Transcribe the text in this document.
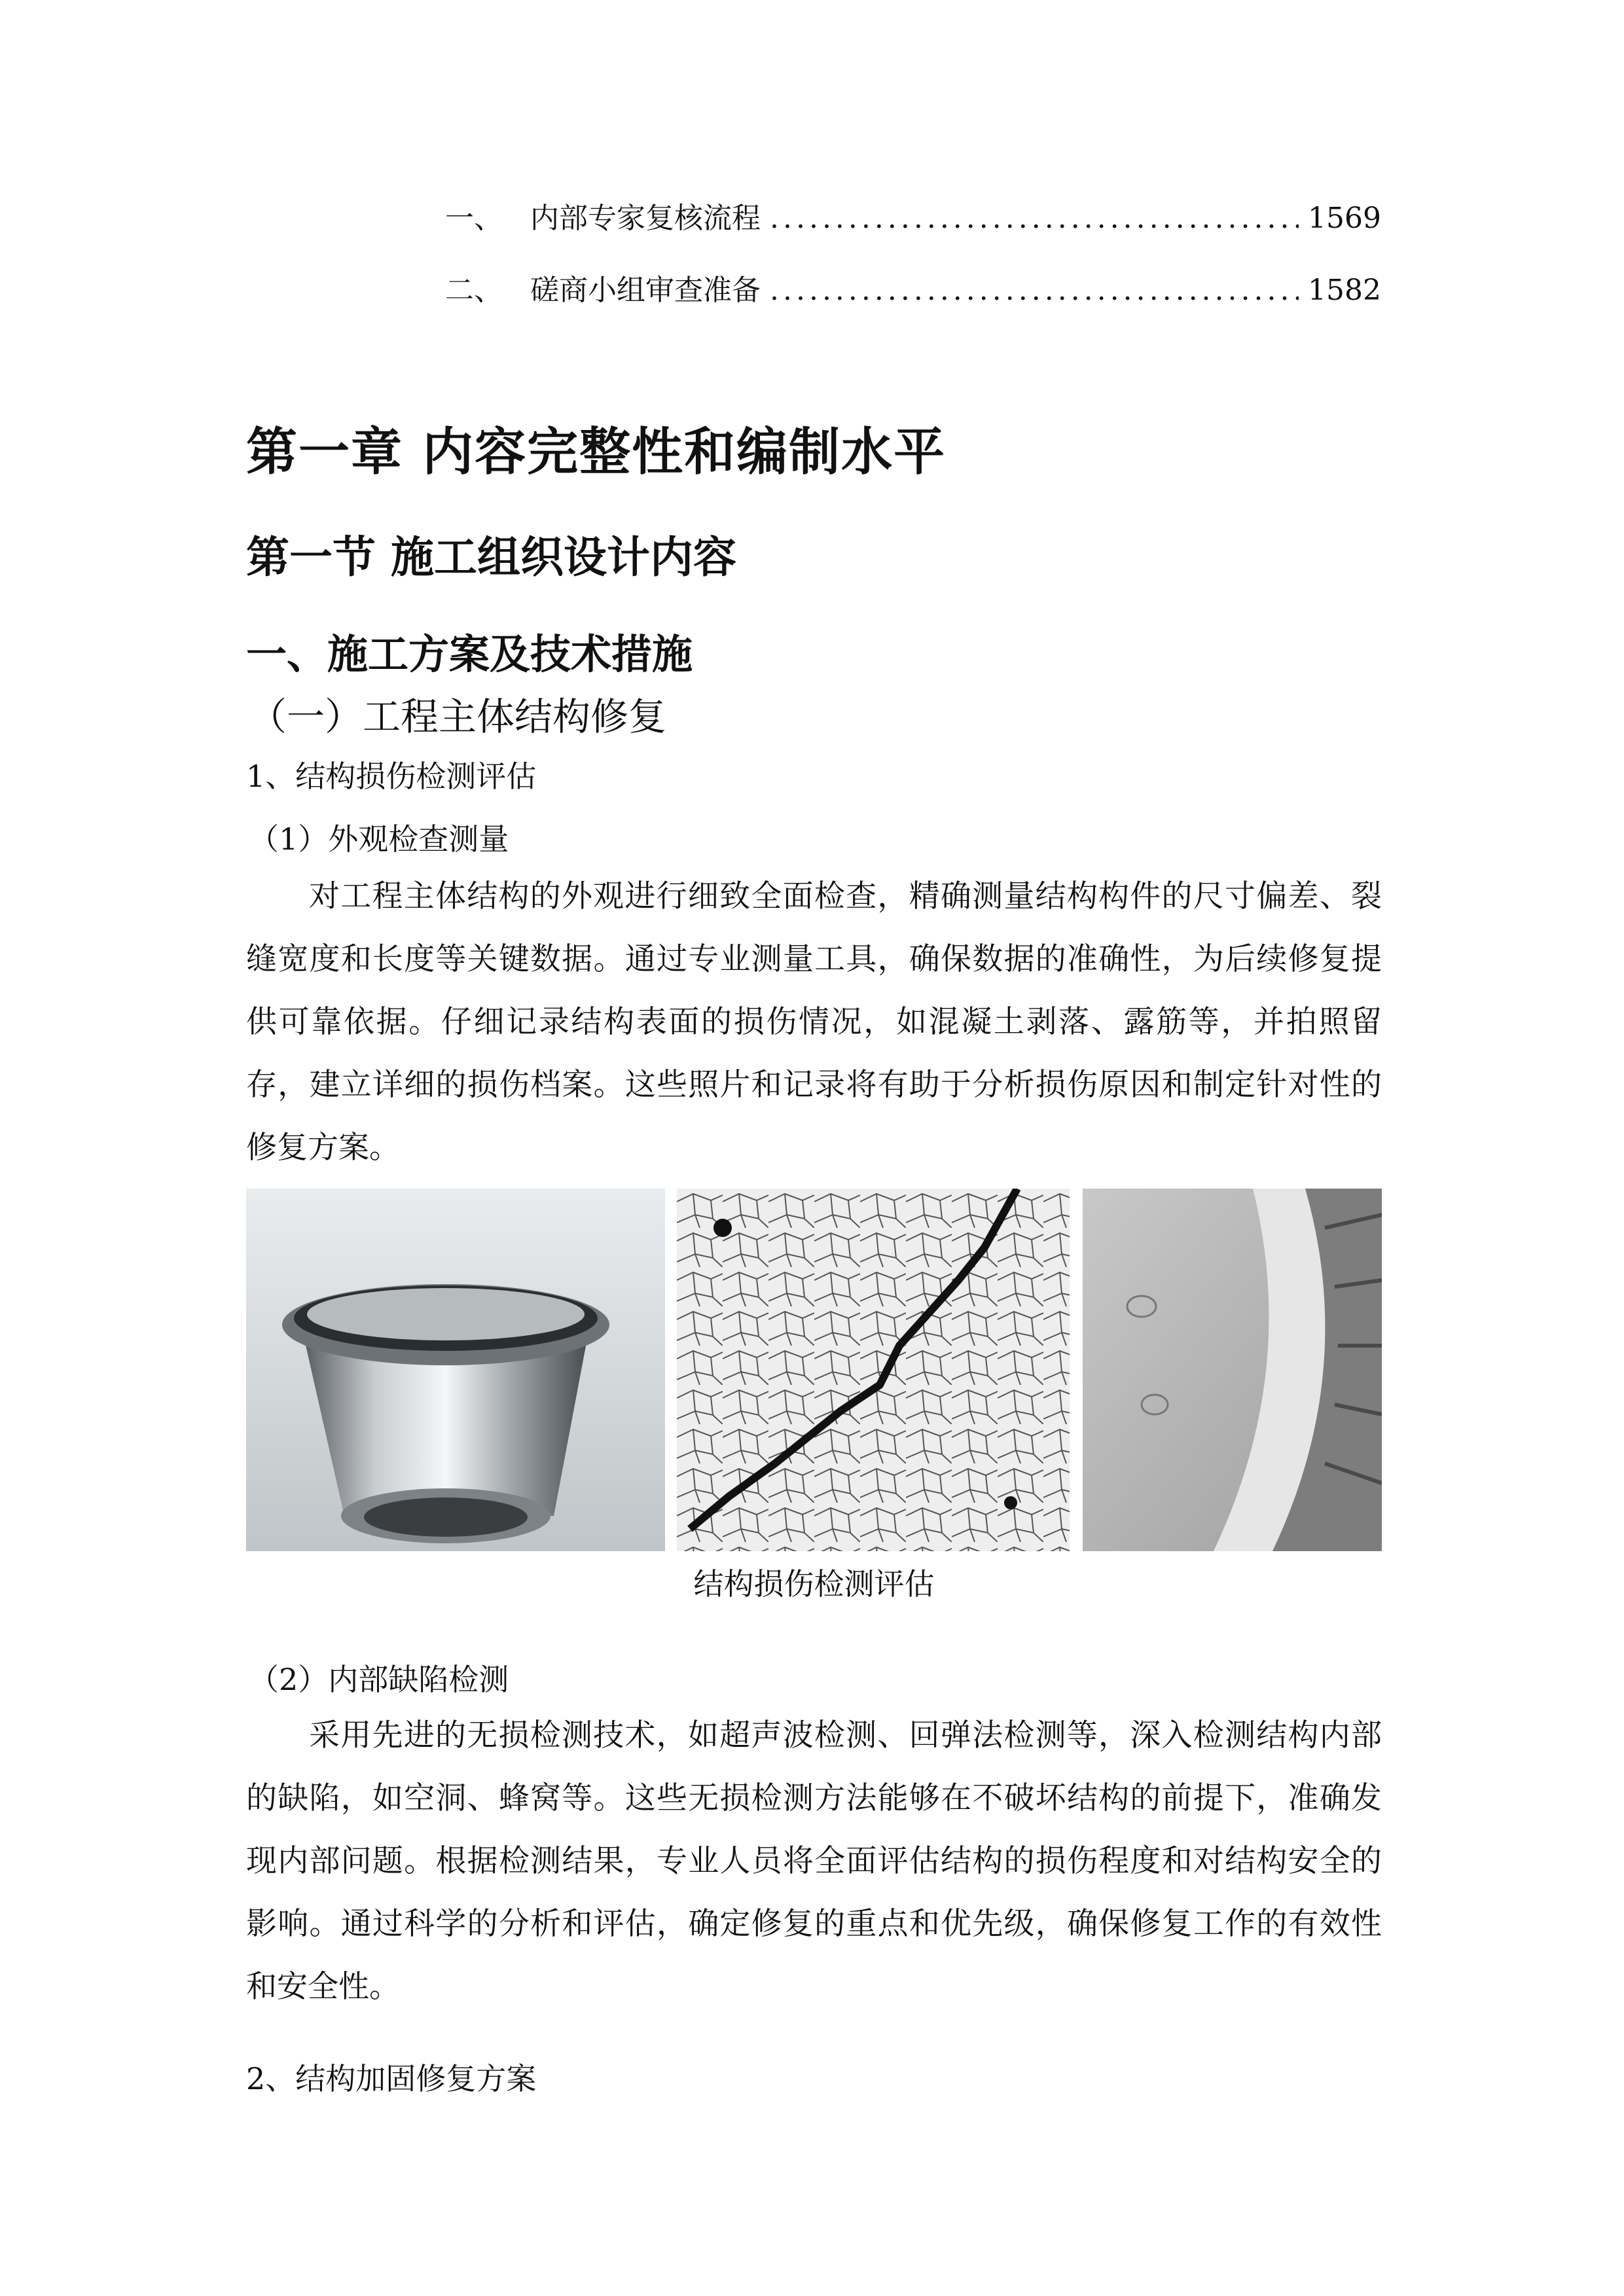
一、 内部专家复核流程 .....	1569
二、 磋商小组审查准备 .....	1582
第一章 内容完整性和编制水平
第一节 施工组织设计内容
一、施工方案及技术措施
（一）工程主体结构修复
1、结构损伤检测评估
（1）外观检查测量

对工程主体结构的外观进行细致全面检查，精确测量结构构件的尺寸偏差、裂缝宽度和长度等关键数据。通过专业测量工具，确保数据的准确性，为后续修复提供可靠依据。仔细记录结构表面的损伤情况，如混凝土剥落、露筋等，并拍照留存，建立详细的损伤档案。这些照片和记录将有助于分析损伤原因和制定针对性的修复方案。

结构损伤检测评估
（2）内部缺陷检测

采用先进的无损检测技术，如超声波检测、回弹法检测等，深入检测结构内部的缺陷，如空洞、蜂窝等。这些无损检测方法能够在不破坏结构的前提下，准确发现内部问题。根据检测结果，专业人员将全面评估结构的损伤程度和对结构安全的影响。通过科学的分析和评估，确定修复的重点和优先级，确保修复工作的有效性和安全性。

2、结构加固修复方案
